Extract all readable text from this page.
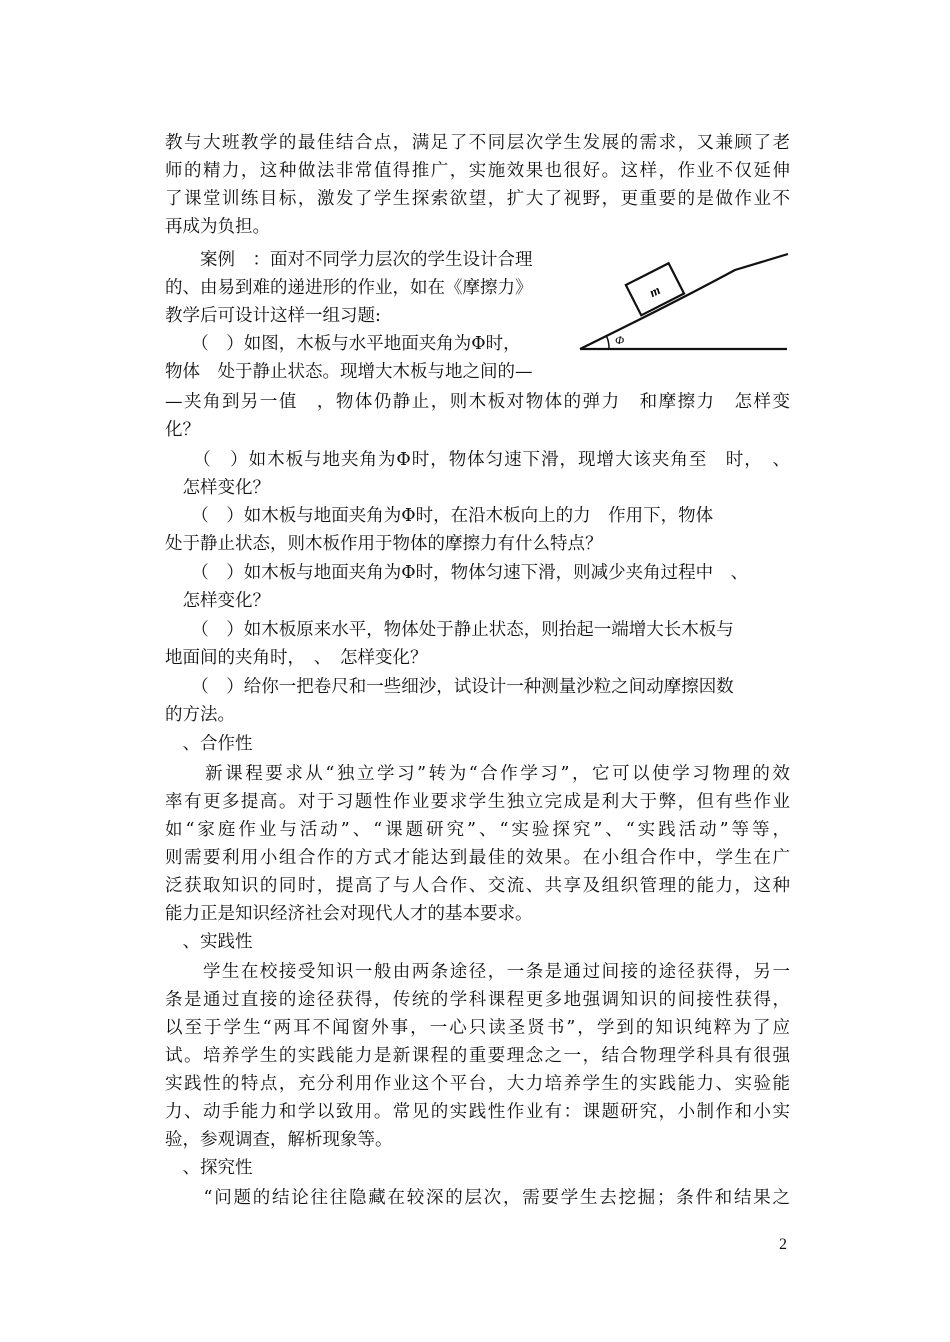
教与大班教学的最佳结合点，满足了不同层次学生发展的需求，又兼顾了老
师的精力，这种做法非常值得推广，实施效果也很好。这样，作业不仅延伸
了课堂训练目标，激发了学生探索欲望，扩大了视野，更重要的是做作业不
再成为负担。
　　案例　：面对不同学力层次的学生设计合理
的、由易到难的递进形的作业，如在《摩擦力》
教学后可设计这样一组习题:
　　（　）如图，木板与水平地面夹角为Φ时，
物体　处于静止状态。现增大木板与地之间的—
—夹角到另一值　，物体仍静止，则木板对物体的弹力　和摩擦力　怎样变
化？
　　（　）如木板与地夹角为Φ时，物体匀速下滑，现增大该夹角至　时，　、
　怎样变化？
　　（　）如木板与地面夹角为Φ时，在沿木板向上的力　作用下，物体
处于静止状态，则木板作用于物体的摩擦力有什么特点？
　　（　）如木板与地面夹角为Φ时，物体匀速下滑，则减少夹角过程中　、
　怎样变化？
　　（　）如木板原来水平，物体处于静止状态，则抬起一端增大长木板与
地面间的夹角时，　、　怎样变化？
　　（　）给你一把卷尺和一些细沙，试设计一种测量沙粒之间动摩擦因数
的方法。
　、合作性
　　新课程要求从“独立学习”转为“合作学习”，它可以使学习物理的效
率有更多提高。对于习题性作业要求学生独立完成是利大于弊，但有些作业
如“家庭作业与活动”、“课题研究”、“实验探究”、“实践活动”等等，
则需要利用小组合作的方式才能达到最佳的效果。在小组合作中，学生在广
泛获取知识的同时，提高了与人合作、交流、共享及组织管理的能力，这种
能力正是知识经济社会对现代人才的基本要求。
　、实践性
　　学生在校接受知识一般由两条途径，一条是通过间接的途径获得，另一
条是通过直接的途径获得，传统的学科课程更多地强调知识的间接性获得，
以至于学生“两耳不闻窗外事，一心只读圣贤书”，学到的知识纯粹为了应
试。培养学生的实践能力是新课程的重要理念之一，结合物理学科具有很强
实践性的特点，充分利用作业这个平台，大力培养学生的实践能力、实验能
力、动手能力和学以致用。常见的实践性作业有：课题研究，小制作和小实
验，参观调查，解析现象等。
　、探究性
　　“问题的结论往往隐藏在较深的层次，需要学生去挖掘；条件和结果之
m
Φ
2
